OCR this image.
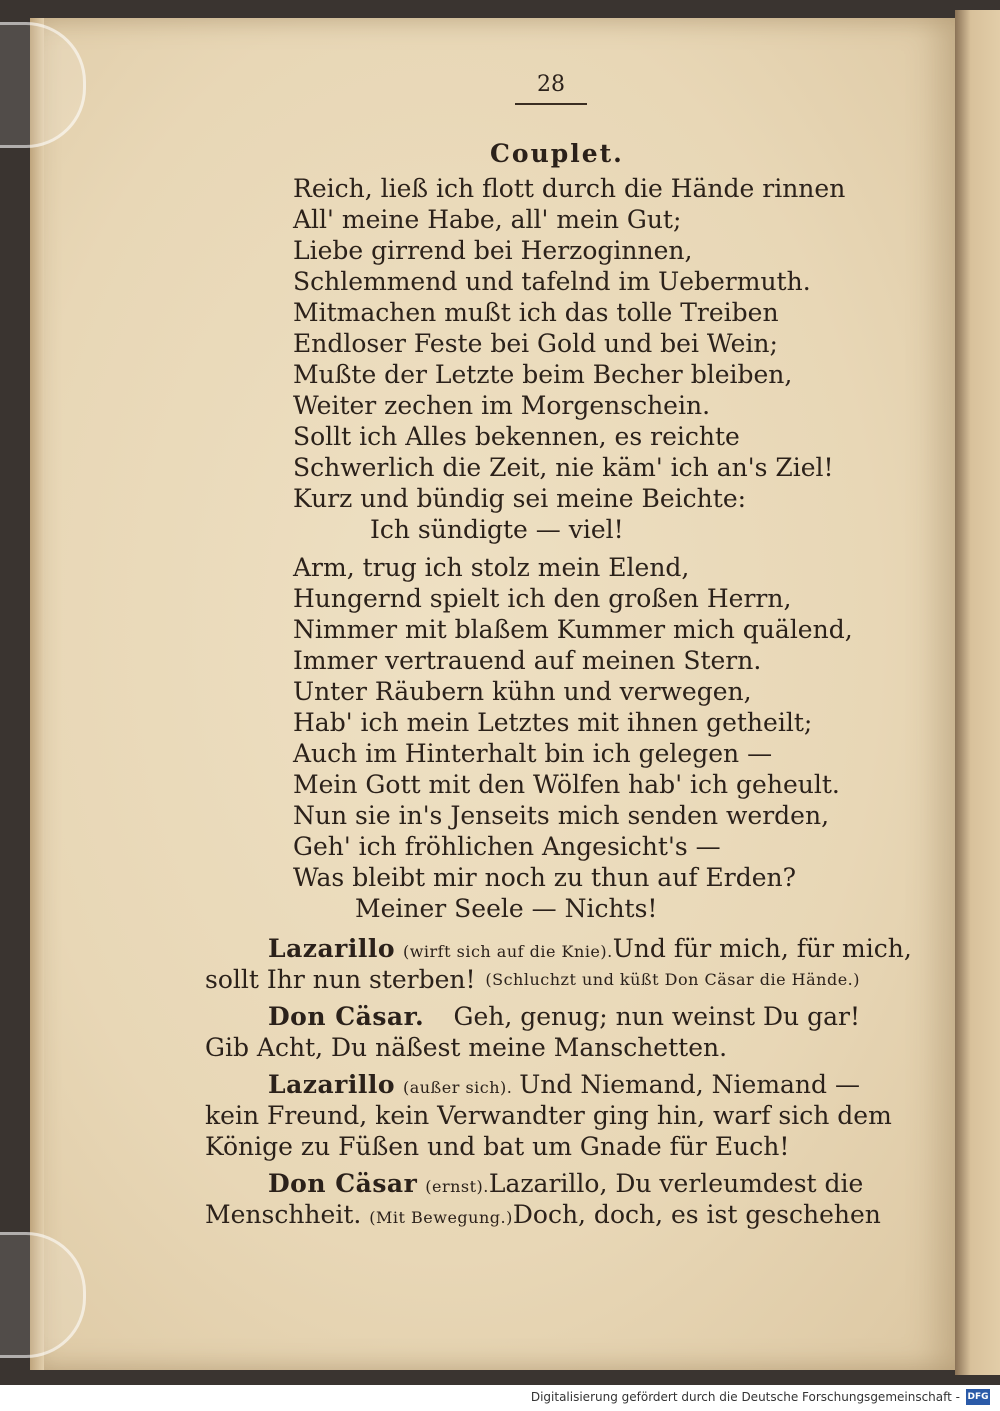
28
Couplet.
Reich, ließ ich flott durch die Hände rinnen
All' meine Habe, all' mein Gut;
Liebe girrend bei Herzoginnen,
Schlemmend und tafelnd im Uebermuth.
Mitmachen mußt ich das tolle Treiben
Endloser Feste bei Gold und bei Wein;
Mußte der Letzte beim Becher bleiben,
Weiter zechen im Morgenschein.
Sollt ich Alles bekennen, es reichte
Schwerlich die Zeit, nie käm' ich an's Ziel!
Kurz und bündig sei meine Beichte:
Ich sündigte — viel!
Arm, trug ich stolz mein Elend,
Hungernd spielt ich den großen Herrn,
Nimmer mit blaßem Kummer mich quälend,
Immer vertrauend auf meinen Stern.
Unter Räubern kühn und verwegen,
Hab' ich mein Letztes mit ihnen getheilt;
Auch im Hinterhalt bin ich gelegen —
Mein Gott mit den Wölfen hab' ich geheult.
Nun sie in's Jenseits mich senden werden,
Geh' ich fröhlichen Angesicht's —
Was bleibt mir noch zu thun auf Erden?
Meiner Seele — Nichts!
Lazarillo (wirft sich auf die Knie). Und für mich, für mich,
sollt Ihr nun sterben! (Schluchzt und küßt Don Cäsar die Hände.)
Don Cäsar. Geh, genug; nun weinst Du gar!
Gib Acht, Du näßest meine Manschetten.
Lazarillo (außer sich). Und Niemand, Niemand —
kein Freund, kein Verwandter ging hin, warf sich dem
Könige zu Füßen und bat um Gnade für Euch!
Don Cäsar (ernst). Lazarillo, Du verleumdest die
Menschheit. (Mit Bewegung.) Doch, doch, es ist geschehen
Digitalisierung gefördert durch die Deutsche Forschungsgemeinschaft - DFG
